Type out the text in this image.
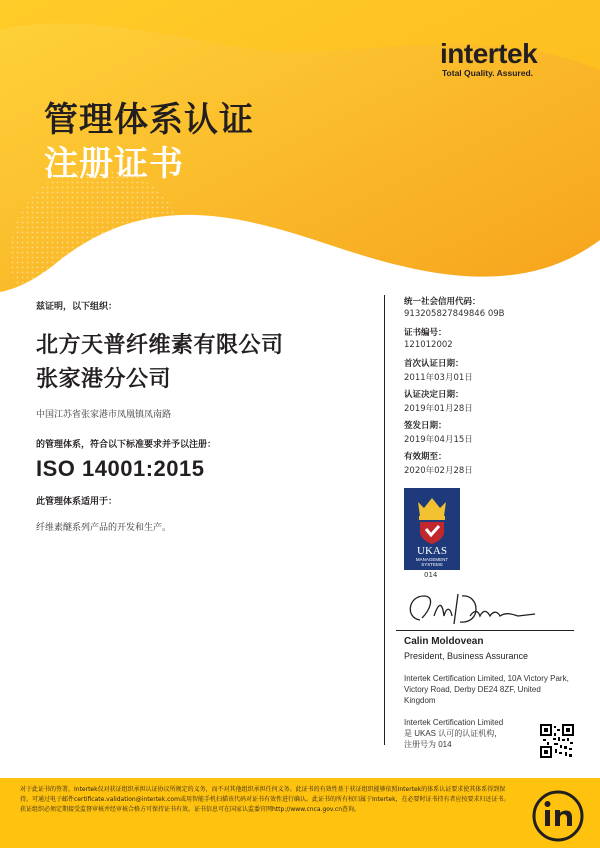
intertek
Total Quality. Assured.
管理体系认证
注册证书
兹证明，以下组织：
北方天普纤维素有限公司
张家港分公司
中国江苏省张家港市凤凰镇凤南路
的管理体系，符合以下标准要求并予以注册：
ISO 14001:2015
此管理体系适用于：
纤维素醚系列产品的开发和生产。
统一社会信用代码：
913205827849846 09B
证书编号：
121012002
首次认证日期：
2011年03月01日
认证决定日期：
2019年01月28日
签发日期：
2019年04月15日
有效期至：
2020年02月28日
UKAS
MANAGEMENT
SYSTEMS
014
Calin Moldovean
President, Business Assurance
Intertek Certification Limited, 10A Victory Park, Victory Road, Derby DE24 8ZF, United Kingdom
Intertek Certification Limited
是 UKAS 认可的认证机构，
注册号为 014
对于此证书的签署，Intertek仅对获证组织承担认证协议所规定的义务，而不对其他组织承担任何义务。此证书的有效性基于获证组织能够依照Intertek的体系认证要求使其体系得到保持。可通过电子邮件certificate.validation@intertek.com或用智能手机扫描该代码对证书有效性进行确认。此证书的所有权归属于Intertek，在必要时证书持有者应按要求归还证书。获证组织必须定期接受监督审核并经审核合格方可保持证书有效。证书信息可在国家认监委官网http://www.cnca.gov.cn查询。
